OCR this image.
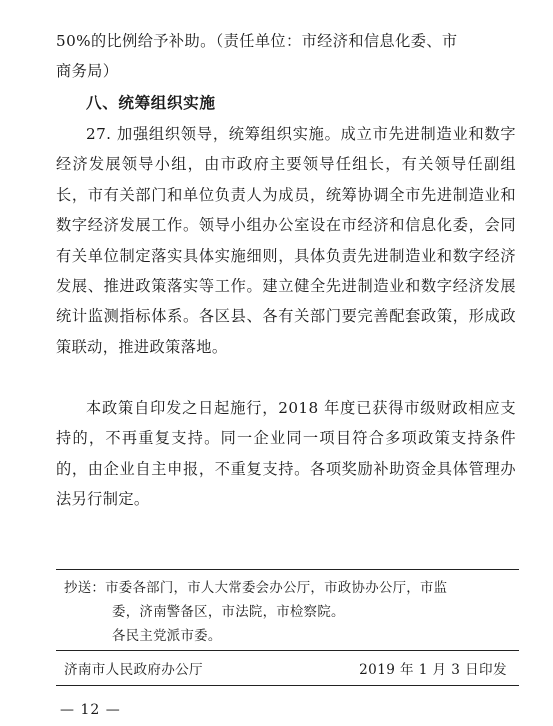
50%的比例给予补助。（责任单位：市经济和信息化委、市
商务局）

八、统筹组织实施

27. 加强组织领导，统筹组织实施。成立市先进制造业和数字经济发展领导小组，由市政府主要领导任组长，有关领导任副组长，市有关部门和单位负责人为成员，统筹协调全市先进制造业和数字经济发展工作。领导小组办公室设在市经济和信息化委，会同有关单位制定落实具体实施细则，具体负责先进制造业和数字经济发展、推进政策落实等工作。建立健全先进制造业和数字经济发展统计监测指标体系。各区县、各有关部门要完善配套政策，形成政策联动，推进政策落地。

本政策自印发之日起施行，2018 年度已获得市级财政相应支持的，不再重复支持。同一企业同一项目符合多项政策支持条件的，由企业自主申报，不重复支持。各项奖励补助资金具体管理办法另行制定。

抄送：市委各部门，市人大常委会办公厅，市政协办公厅，市监
委，济南警备区，市法院，市检察院。
各民主党派市委。
济南市人民政府办公厅	2019 年 1 月 3 日印发
— 12 —
